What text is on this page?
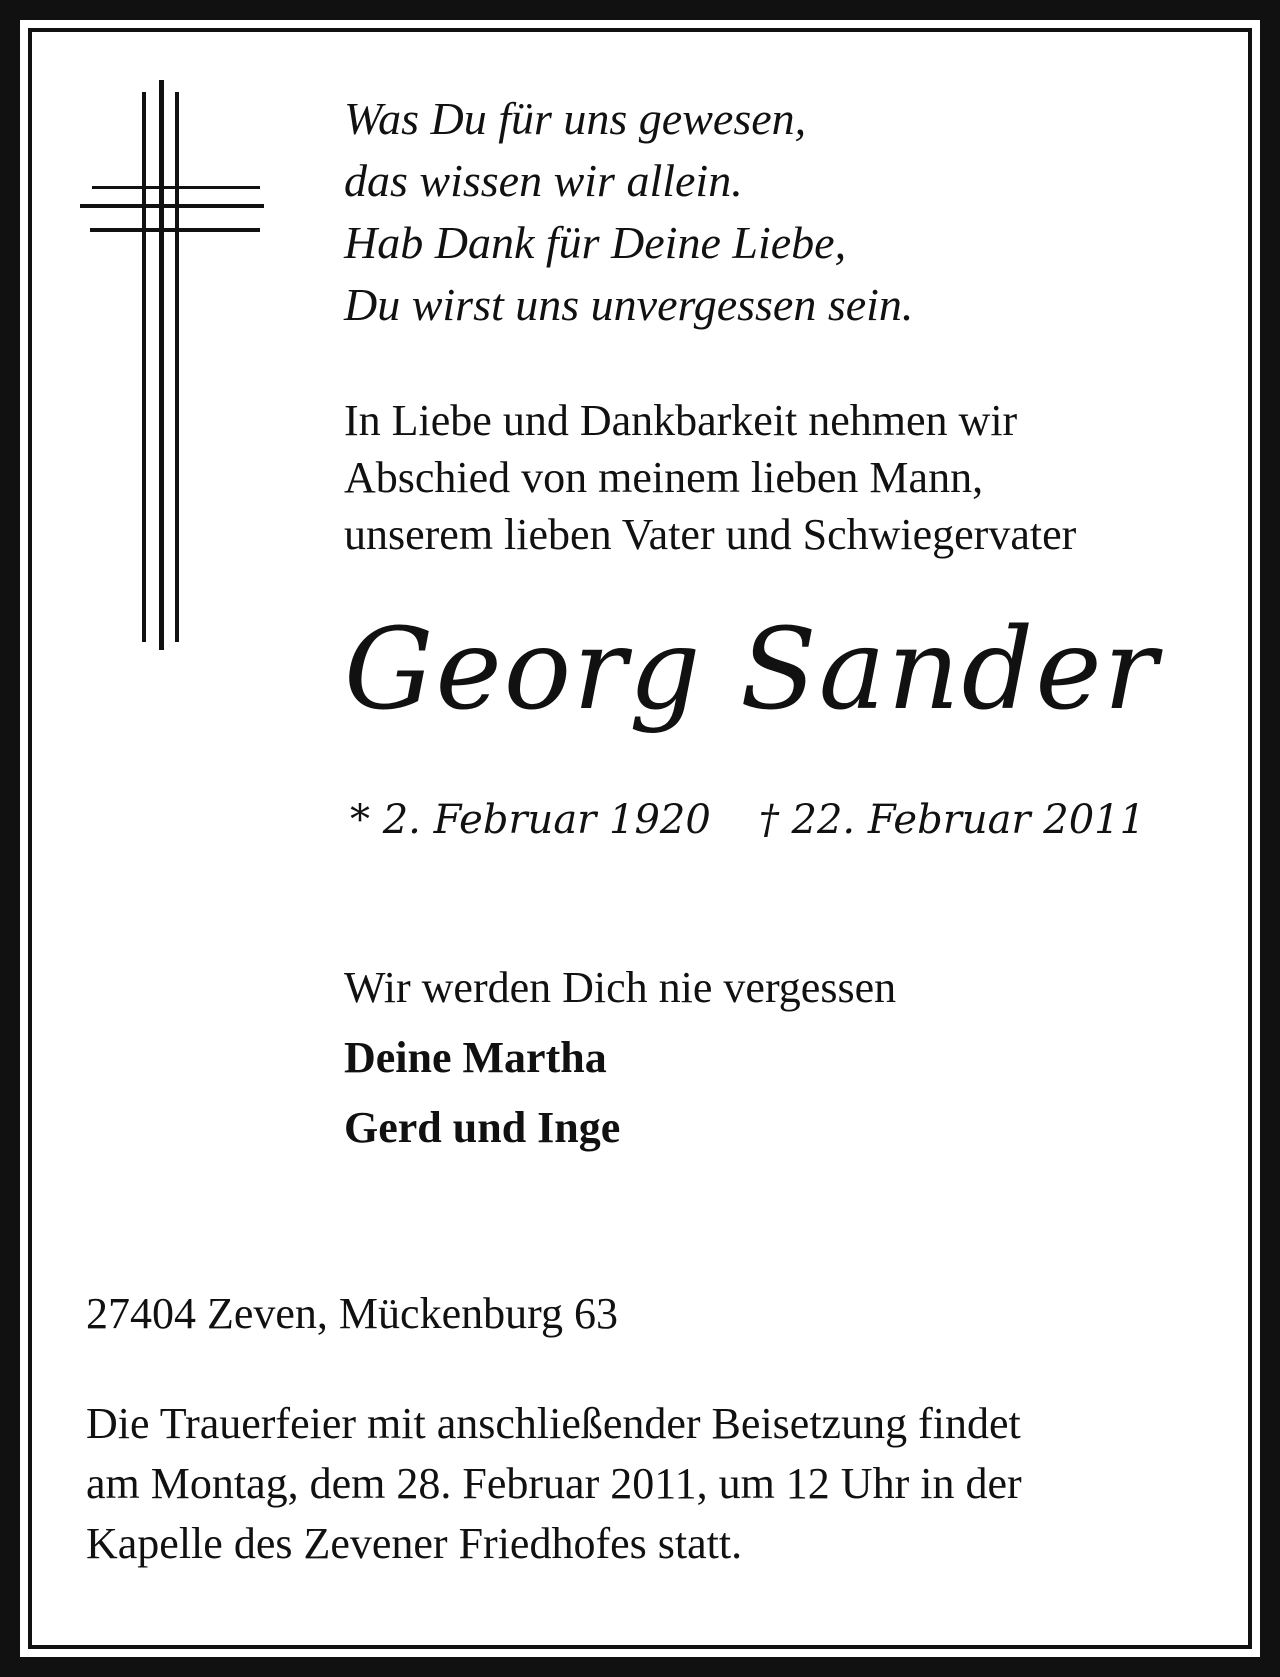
Was Du für uns gewesen,
das wissen wir allein.
Hab Dank für Deine Liebe,
Du wirst uns unvergessen sein.
In Liebe und Dankbarkeit nehmen wir
Abschied von meinem lieben Mann,
unserem lieben Vater und Schwiegervater
Georg Sander
* 2. Februar 1920 † 22. Februar 2011
Wir werden Dich nie vergessen
Deine Martha
Gerd und Inge
27404 Zeven, Mückenburg 63
Die Trauerfeier mit anschließender Beisetzung findet
am Montag, dem 28. Februar 2011, um 12 Uhr in der
Kapelle des Zevener Friedhofes statt.
